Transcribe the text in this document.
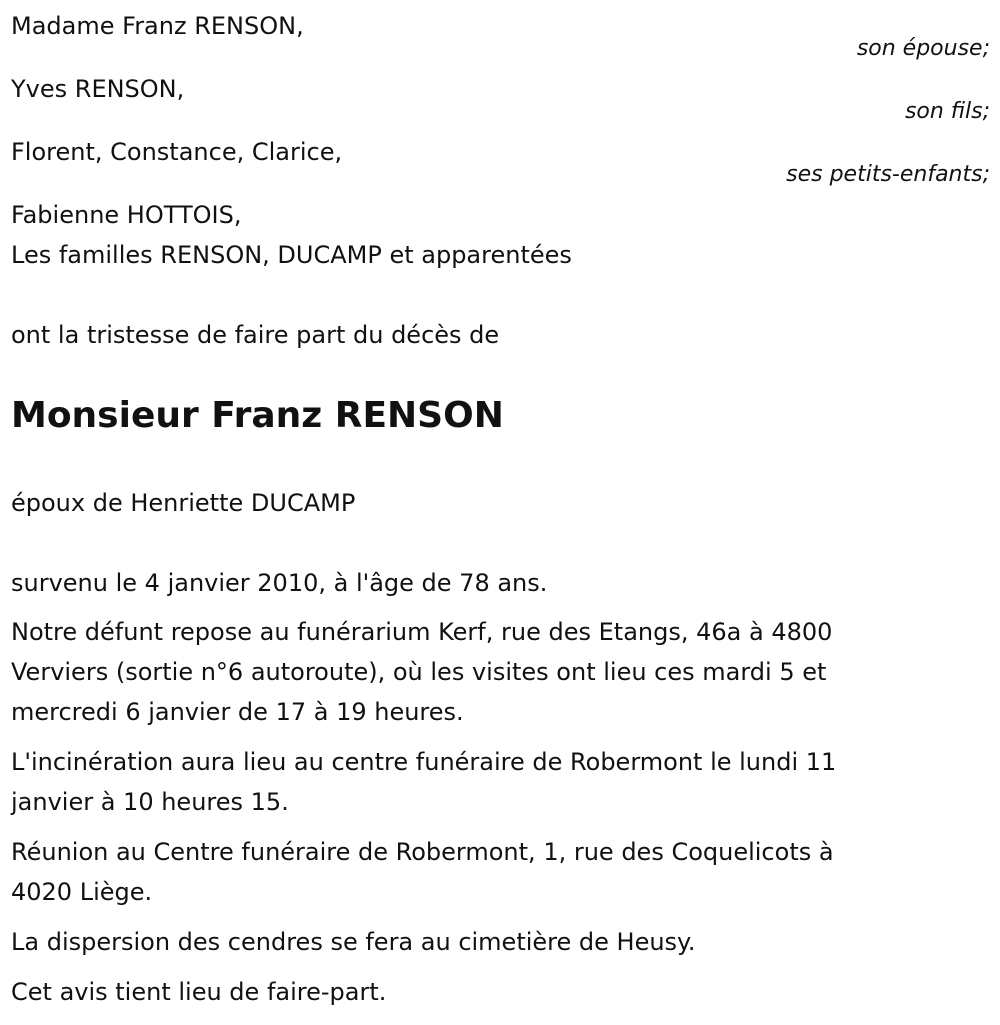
Madame Franz RENSON,
son épouse;
Yves RENSON,
son fils;
Florent, Constance, Clarice,
ses petits-enfants;
Fabienne HOTTOIS,
Les familles RENSON, DUCAMP et apparentées
ont la tristesse de faire part du décès de
Monsieur Franz RENSON
époux de Henriette DUCAMP
survenu le 4 janvier 2010, à l'âge de 78 ans.
Notre défunt repose au funérarium Kerf, rue des Etangs, 46a à 4800
Verviers (sortie n°6 autoroute), où les visites ont lieu ces mardi 5 et
mercredi 6 janvier de 17 à 19 heures.
L'incinération aura lieu au centre funéraire de Robermont le lundi 11
janvier à 10 heures 15.
Réunion au Centre funéraire de Robermont, 1, rue des Coquelicots à
4020 Liège.
La dispersion des cendres se fera au cimetière de Heusy.
Cet avis tient lieu de faire-part.
